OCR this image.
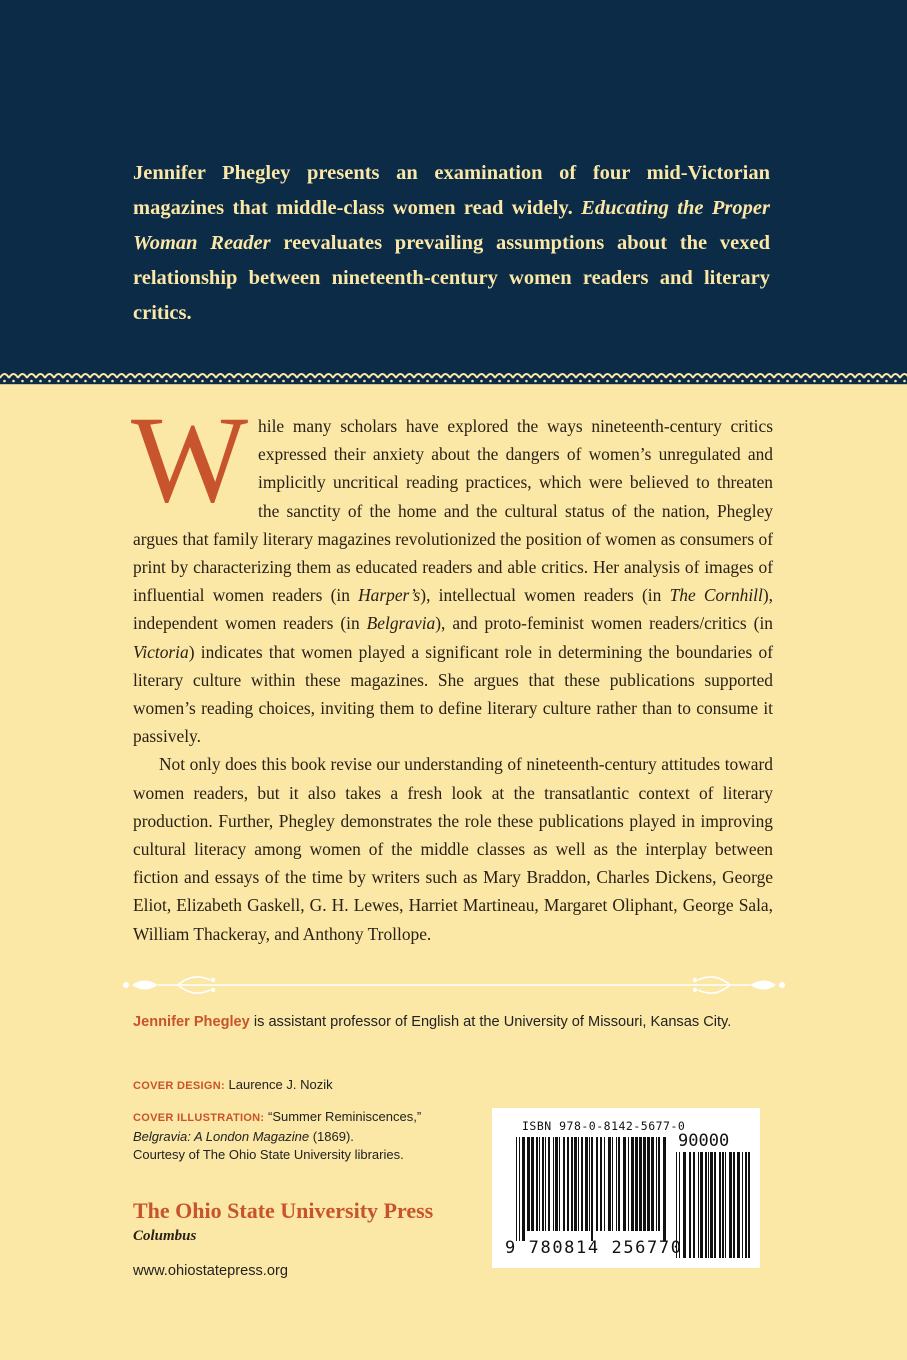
Jennifer Phegley presents an examination of four mid-Victorian magazines that middle-class women read widely. Educating the Proper Woman Reader reevaluates prevailing assumptions about the vexed relationship between nineteenth-century women readers and literary critics.

While many scholars have explored the ways nineteenth-century critics expressed their anxiety about the dangers of women’s unregulated and implicitly uncritical reading practices, which were believed to threaten the sanctity of the home and the cultural status of the nation, Phegley argues that family literary magazines revolutionized the position of women as consumers of print by characterizing them as educated readers and able critics. Her analysis of images of influential women readers (in Harper’s), intellectual women readers (in The Cornhill), independent women readers (in Belgravia), and proto-feminist women readers/critics (in Victoria) indicates that women played a significant role in determining the boundaries of literary culture within these magazines. She argues that these publications supported women’s reading choices, inviting them to define literary culture rather than to consume it passively.

Not only does this book revise our understanding of nineteenth-century attitudes toward women readers, but it also takes a fresh look at the transatlantic context of literary production. Further, Phegley demonstrates the role these publications played in improving cultural literacy among women of the middle classes as well as the interplay between fiction and essays of the time by writers such as Mary Braddon, Charles Dickens, George Eliot, Elizabeth Gaskell, G. H. Lewes, Harriet Martineau, Margaret Oliphant, George Sala, William Thackeray, and Anthony Trollope.

Jennifer Phegley is assistant professor of English at the University of Missouri, Kansas City.
COVER DESIGN: Laurence J. Nozik
COVER ILLUSTRATION: “Summer Reminiscences,”
Belgravia: A London Magazine (1869).
Courtesy of The Ohio State University libraries.
The Ohio State University Press
Columbus
www.ohiostatepress.org
ISBN 978-0-8142-5677-0
90000
9 780814 256770
